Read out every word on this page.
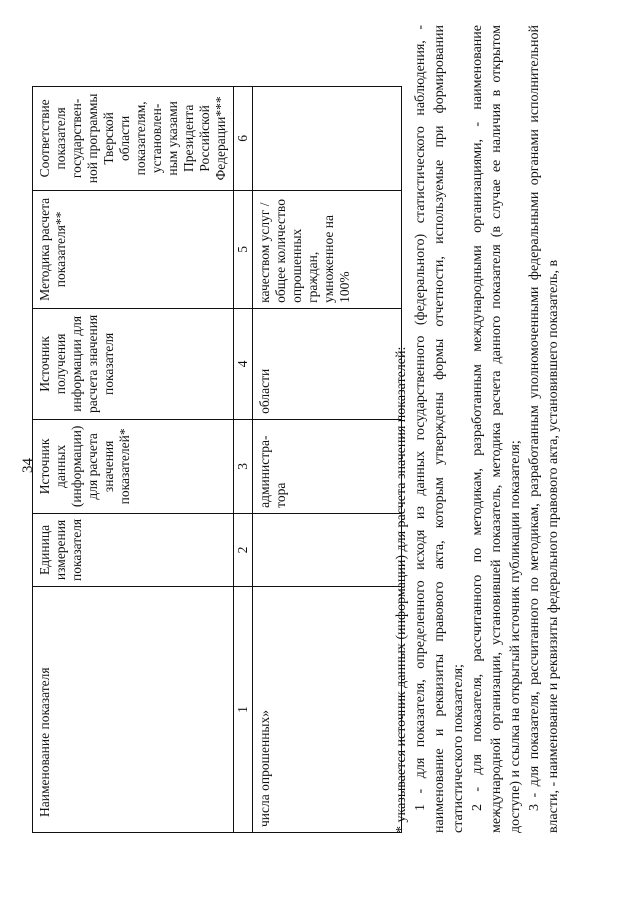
34
Наименование показателя	Единица измерения показателя	Источник данных (информации) для расчета значения показателей*	Источник получения информации для расчета значения показателя	Методика расчета показателя**	Соответствие показателя государствен-ной программы Тверской области показателям, установлен-ным указами Президента Российской Федерации***
1	2	3	4	5	6
числа опрошенных»		администра-тора	области	качеством услуг / общее количество опрошенных граждан, умноженное на 100%	

* указывается источник данных (информации) для расчета значения показателей: 1 - для показателя, определенного исходя из данных государственного (федерального) статистического наблюдения, - наименование и реквизиты правового акта, которым утверждены формы отчетности, используемые при формировании статистического показателя; 2 - для показателя, рассчитанного по методикам, разработанным международными организациями, - наименование международной организации, установившей показатель, методика расчета данного показателя (в случае ее наличия в открытом доступе) и ссылка на открытый источник публикации показателя; 3 - для показателя, рассчитанного по методикам, разработанным уполномоченными федеральными органами исполнительной власти, - наименование и реквизиты федерального правового акта, установившего показатель, в
